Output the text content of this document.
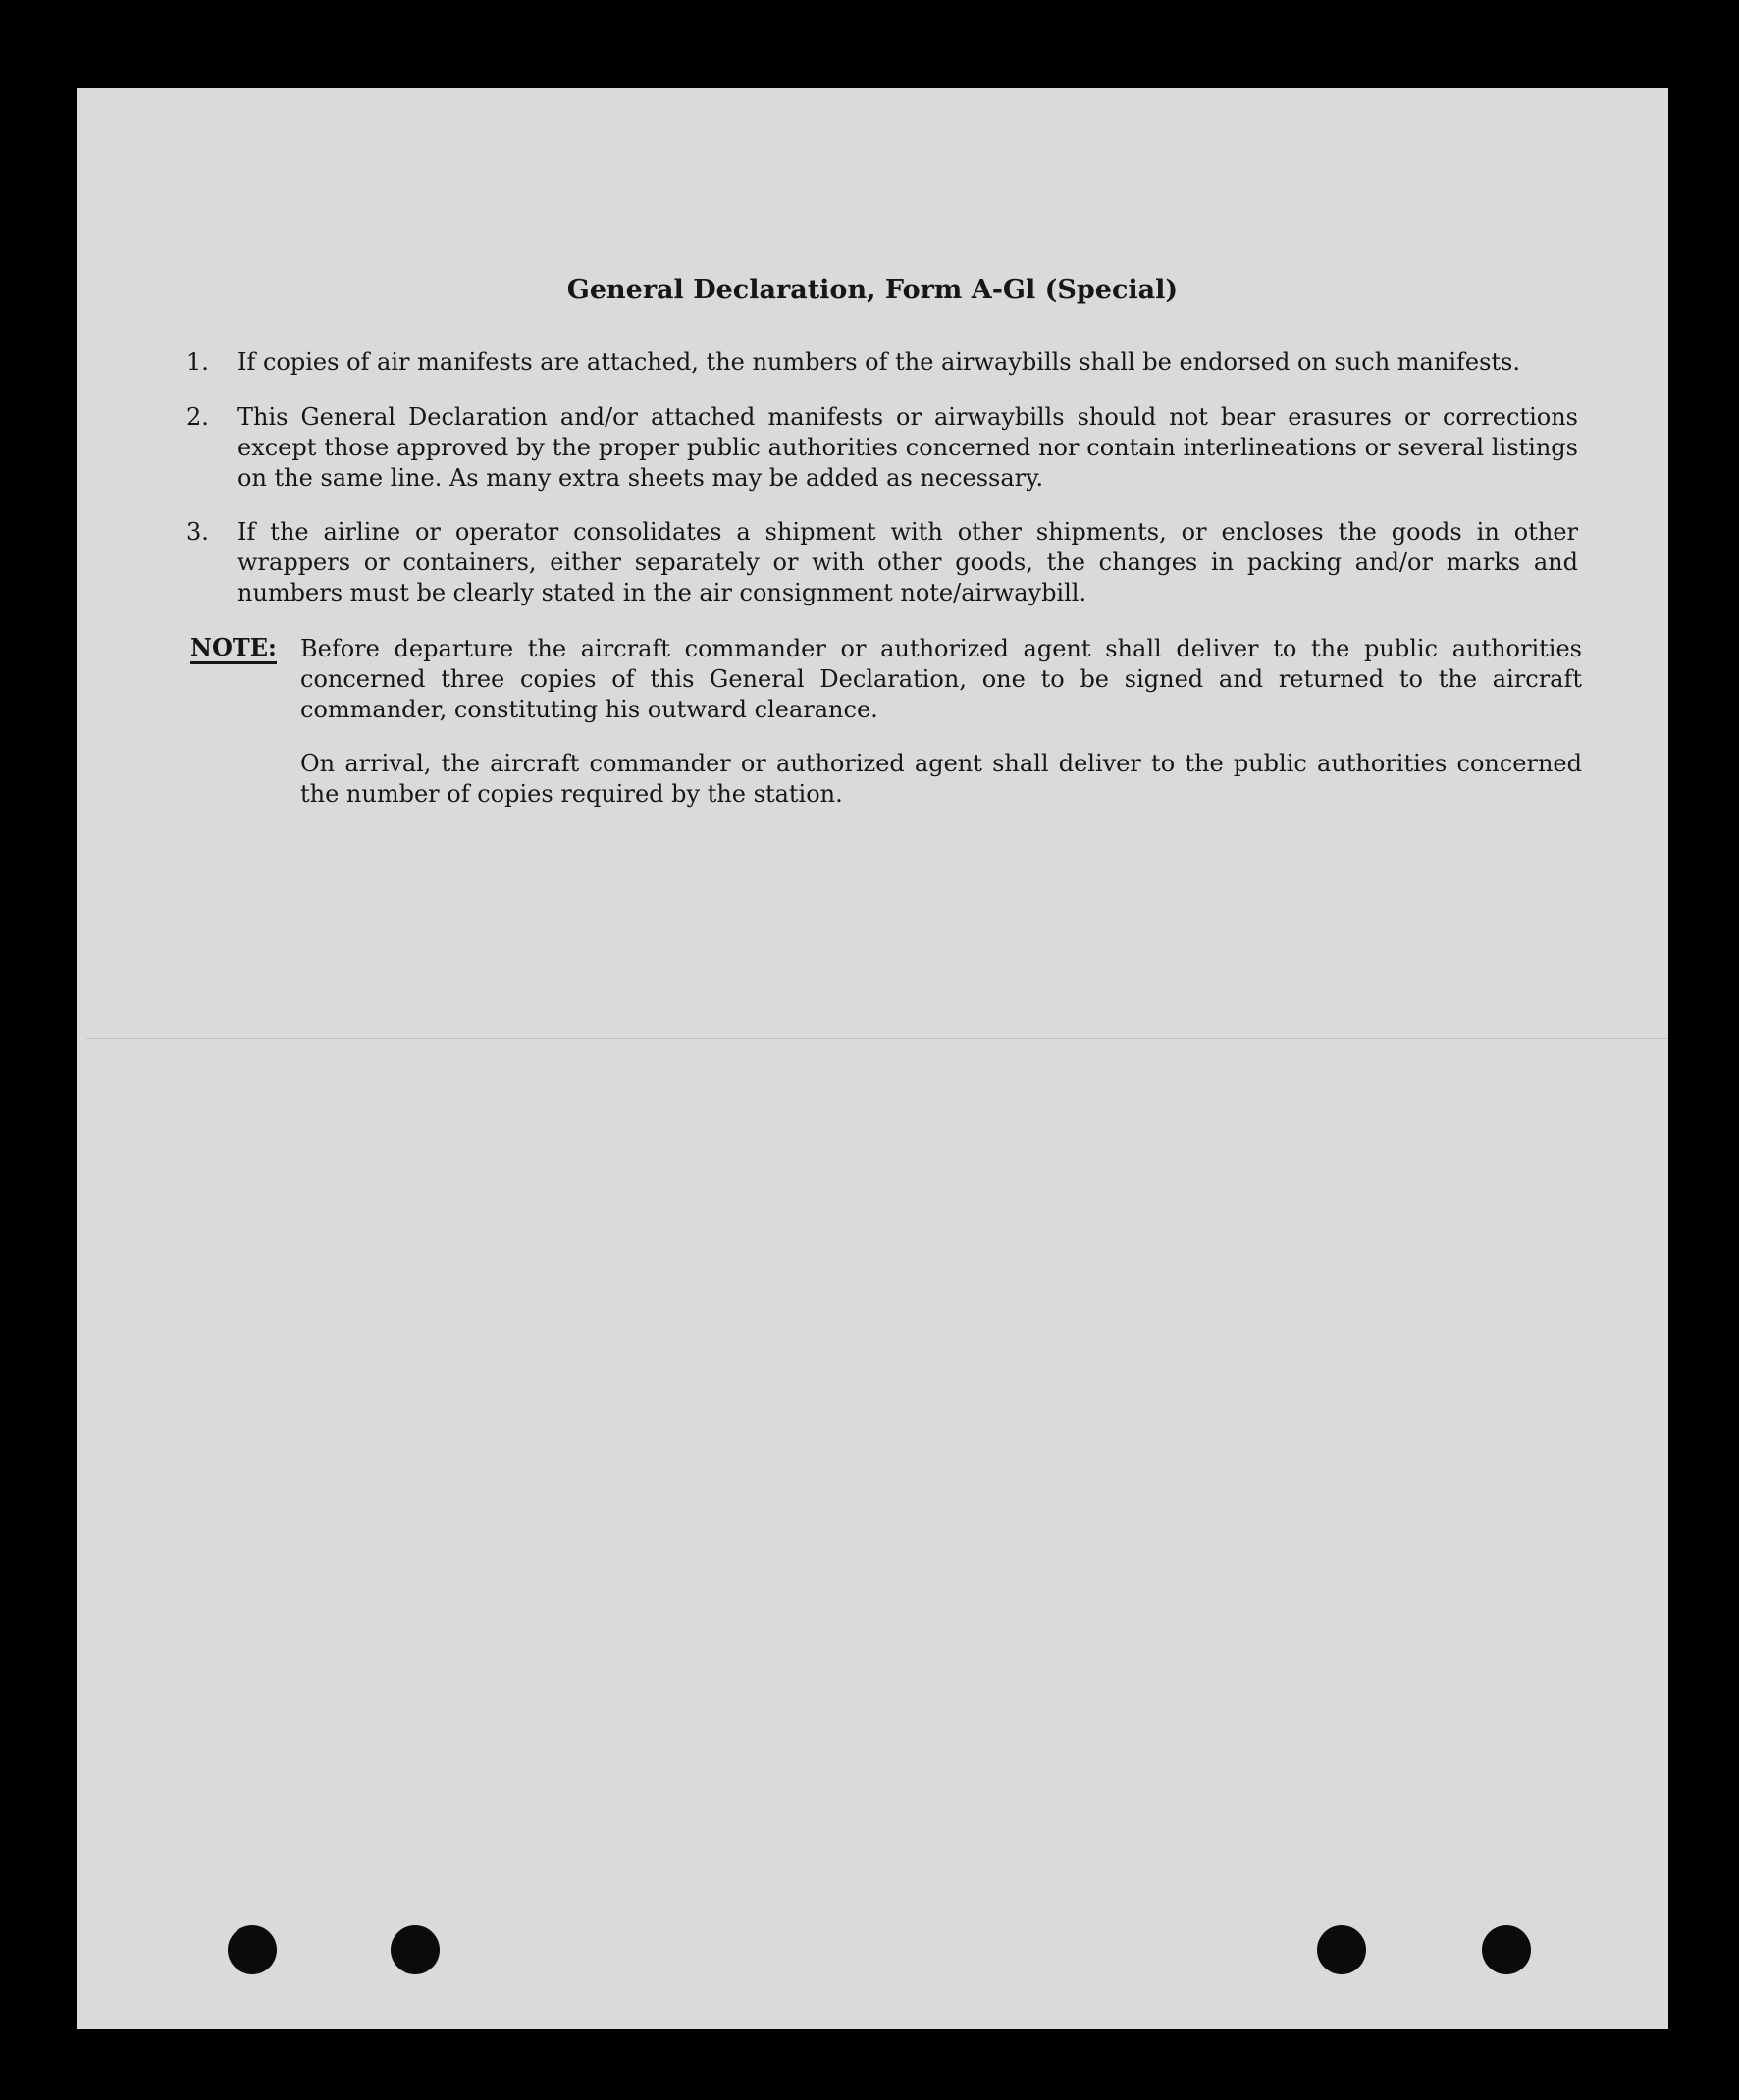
General Declaration, Form A-Gl (Special)
1. If copies of air manifests are attached, the numbers of the airwaybills shall be endorsed on such manifests.
2. This General Declaration and/or attached manifests or airwaybills should not bear erasures or corrections except those approved by the proper public authorities concerned nor contain interlineations or several listings on the same line. As many extra sheets may be added as necessary.
3. If the airline or operator consolidates a shipment with other shipments, or encloses the goods in other wrappers or containers, either separately or with other goods, the changes in packing and/or marks and numbers must be clearly stated in the air consignment note/airwaybill.
NOTE: Before departure the aircraft commander or authorized agent shall deliver to the public authorities concerned three copies of this General Declaration, one to be signed and returned to the aircraft commander, constituting his outward clearance.
On arrival, the aircraft commander or authorized agent shall deliver to the public authorities concerned the number of copies required by the station.
